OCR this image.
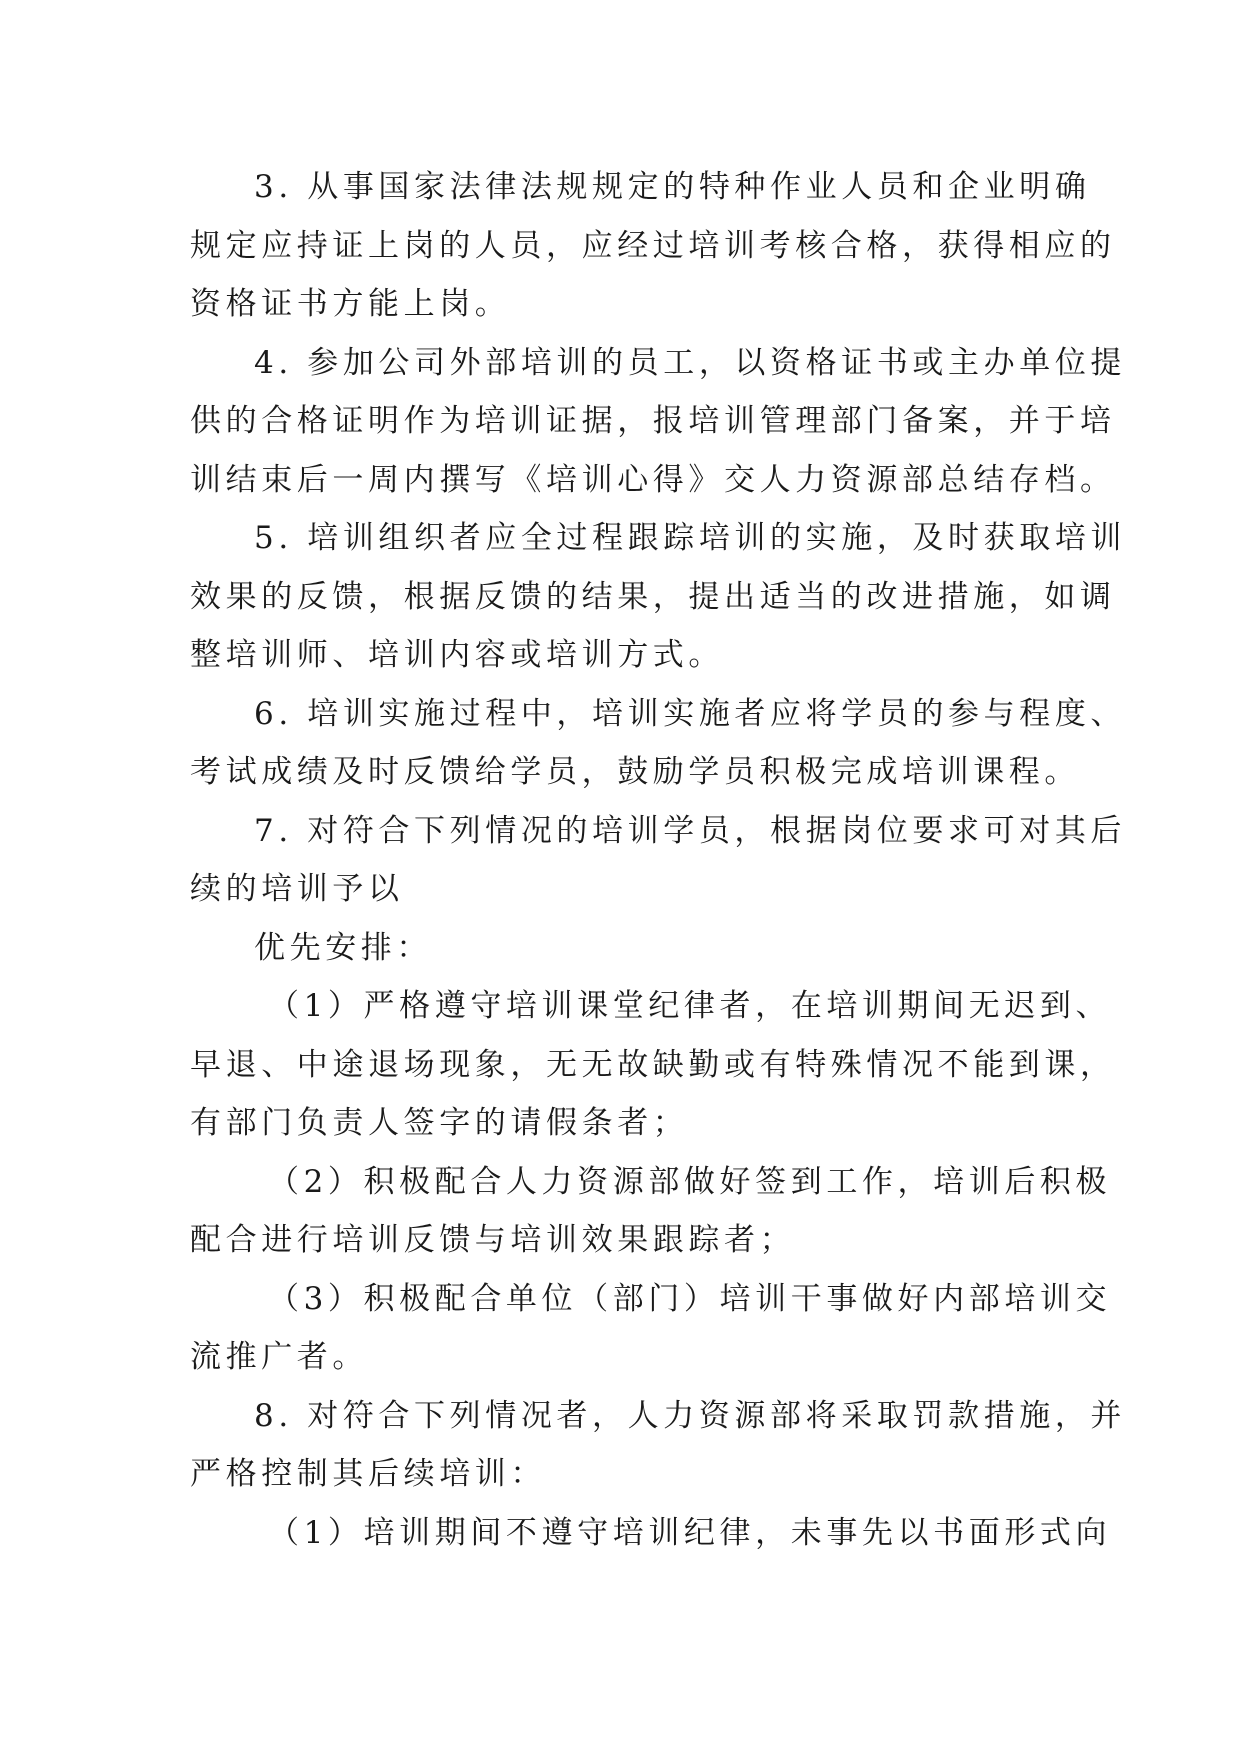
3. 从事国家法律法规规定的特种作业人员和企业明确
规定应持证上岗的人员，应经过培训考核合格，获得相应的
资格证书方能上岗。
4. 参加公司外部培训的员工，以资格证书或主办单位提
供的合格证明作为培训证据，报培训管理部门备案，并于培
训结束后一周内撰写《培训心得》交人力资源部总结存档。
5. 培训组织者应全过程跟踪培训的实施，及时获取培训
效果的反馈，根据反馈的结果，提出适当的改进措施，如调
整培训师、培训内容或培训方式。
6. 培训实施过程中，培训实施者应将学员的参与程度、
考试成绩及时反馈给学员，鼓励学员积极完成培训课程。
7. 对符合下列情况的培训学员，根据岗位要求可对其后
续的培训予以
优先安排：
（1）严格遵守培训课堂纪律者，在培训期间无迟到、
早退、中途退场现象，无无故缺勤或有特殊情况不能到课，
有部门负责人签字的请假条者；
（2）积极配合人力资源部做好签到工作，培训后积极
配合进行培训反馈与培训效果跟踪者；
（3）积极配合单位（部门）培训干事做好内部培训交
流推广者。
8. 对符合下列情况者，人力资源部将采取罚款措施，并
严格控制其后续培训：
（1）培训期间不遵守培训纪律，未事先以书面形式向
